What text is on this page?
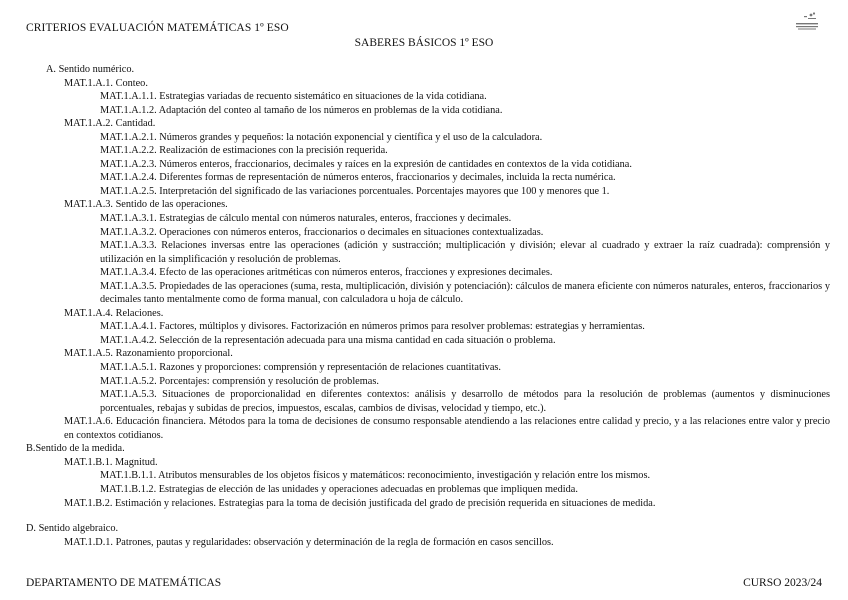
CRITERIOS EVALUACIÓN MATEMÁTICAS 1º ESO
SABERES BÁSICOS 1º ESO
A. Sentido numérico.
MAT.1.A.1. Conteo.
MAT.1.A.1.1. Estrategias variadas de recuento sistemático en situaciones de la vida cotidiana.
MAT.1.A.1.2. Adaptación del conteo al tamaño de los números en problemas de la vida cotidiana.
MAT.1.A.2. Cantidad.
MAT.1.A.2.1. Números grandes y pequeños: la notación exponencial y científica y el uso de la calculadora.
MAT.1.A.2.2. Realización de estimaciones con la precisión requerida.
MAT.1.A.2.3. Números enteros, fraccionarios, decimales y raíces en la expresión de cantidades en contextos de la vida cotidiana.
MAT.1.A.2.4. Diferentes formas de representación de números enteros, fraccionarios y decimales, incluida la recta numérica.
MAT.1.A.2.5. Interpretación del significado de las variaciones porcentuales. Porcentajes mayores que 100 y menores que 1.
MAT.1.A.3. Sentido de las operaciones.
MAT.1.A.3.1. Estrategias de cálculo mental con números naturales, enteros, fracciones y decimales.
MAT.1.A.3.2. Operaciones con números enteros, fraccionarios o decimales en situaciones contextualizadas.
MAT.1.A.3.3. Relaciones inversas entre las operaciones (adición y sustracción; multiplicación y división; elevar al cuadrado y extraer la raíz cuadrada): comprensión y utilización en la simplificación y resolución de problemas.
MAT.1.A.3.4. Efecto de las operaciones aritméticas con números enteros, fracciones y expresiones decimales.
MAT.1.A.3.5. Propiedades de las operaciones (suma, resta, multiplicación, división y potenciación): cálculos de manera eficiente con números naturales, enteros, fraccionarios y decimales tanto mentalmente como de forma manual, con calculadora u hoja de cálculo.
MAT.1.A.4. Relaciones.
MAT.1.A.4.1. Factores, múltiplos y divisores. Factorización en números primos para resolver problemas: estrategias y herramientas.
MAT.1.A.4.2. Selección de la representación adecuada para una misma cantidad en cada situación o problema.
MAT.1.A.5. Razonamiento proporcional.
MAT.1.A.5.1. Razones y proporciones: comprensión y representación de relaciones cuantitativas.
MAT.1.A.5.2. Porcentajes: comprensión y resolución de problemas.
MAT.1.A.5.3. Situaciones de proporcionalidad en diferentes contextos: análisis y desarrollo de métodos para la resolución de problemas (aumentos y disminuciones porcentuales, rebajas y subidas de precios, impuestos, escalas, cambios de divisas, velocidad y tiempo, etc.).
MAT.1.A.6. Educación financiera. Métodos para la toma de decisiones de consumo responsable atendiendo a las relaciones entre calidad y precio, y a las relaciones entre valor y precio en contextos cotidianos.
B.Sentido de la medida.
MAT.1.B.1. Magnitud.
MAT.1.B.1.1. Atributos mensurables de los objetos físicos y matemáticos: reconocimiento, investigación y relación entre los mismos.
MAT.1.B.1.2. Estrategias de elección de las unidades y operaciones adecuadas en problemas que impliquen medida.
MAT.1.B.2. Estimación y relaciones. Estrategias para la toma de decisión justificada del grado de precisión requerida en situaciones de medida.
D. Sentido algebraico.
MAT.1.D.1. Patrones, pautas y regularidades: observación y determinación de la regla de formación en casos sencillos.
DEPARTAMENTO DE MATEMÁTICAS	CURSO 2023/24
